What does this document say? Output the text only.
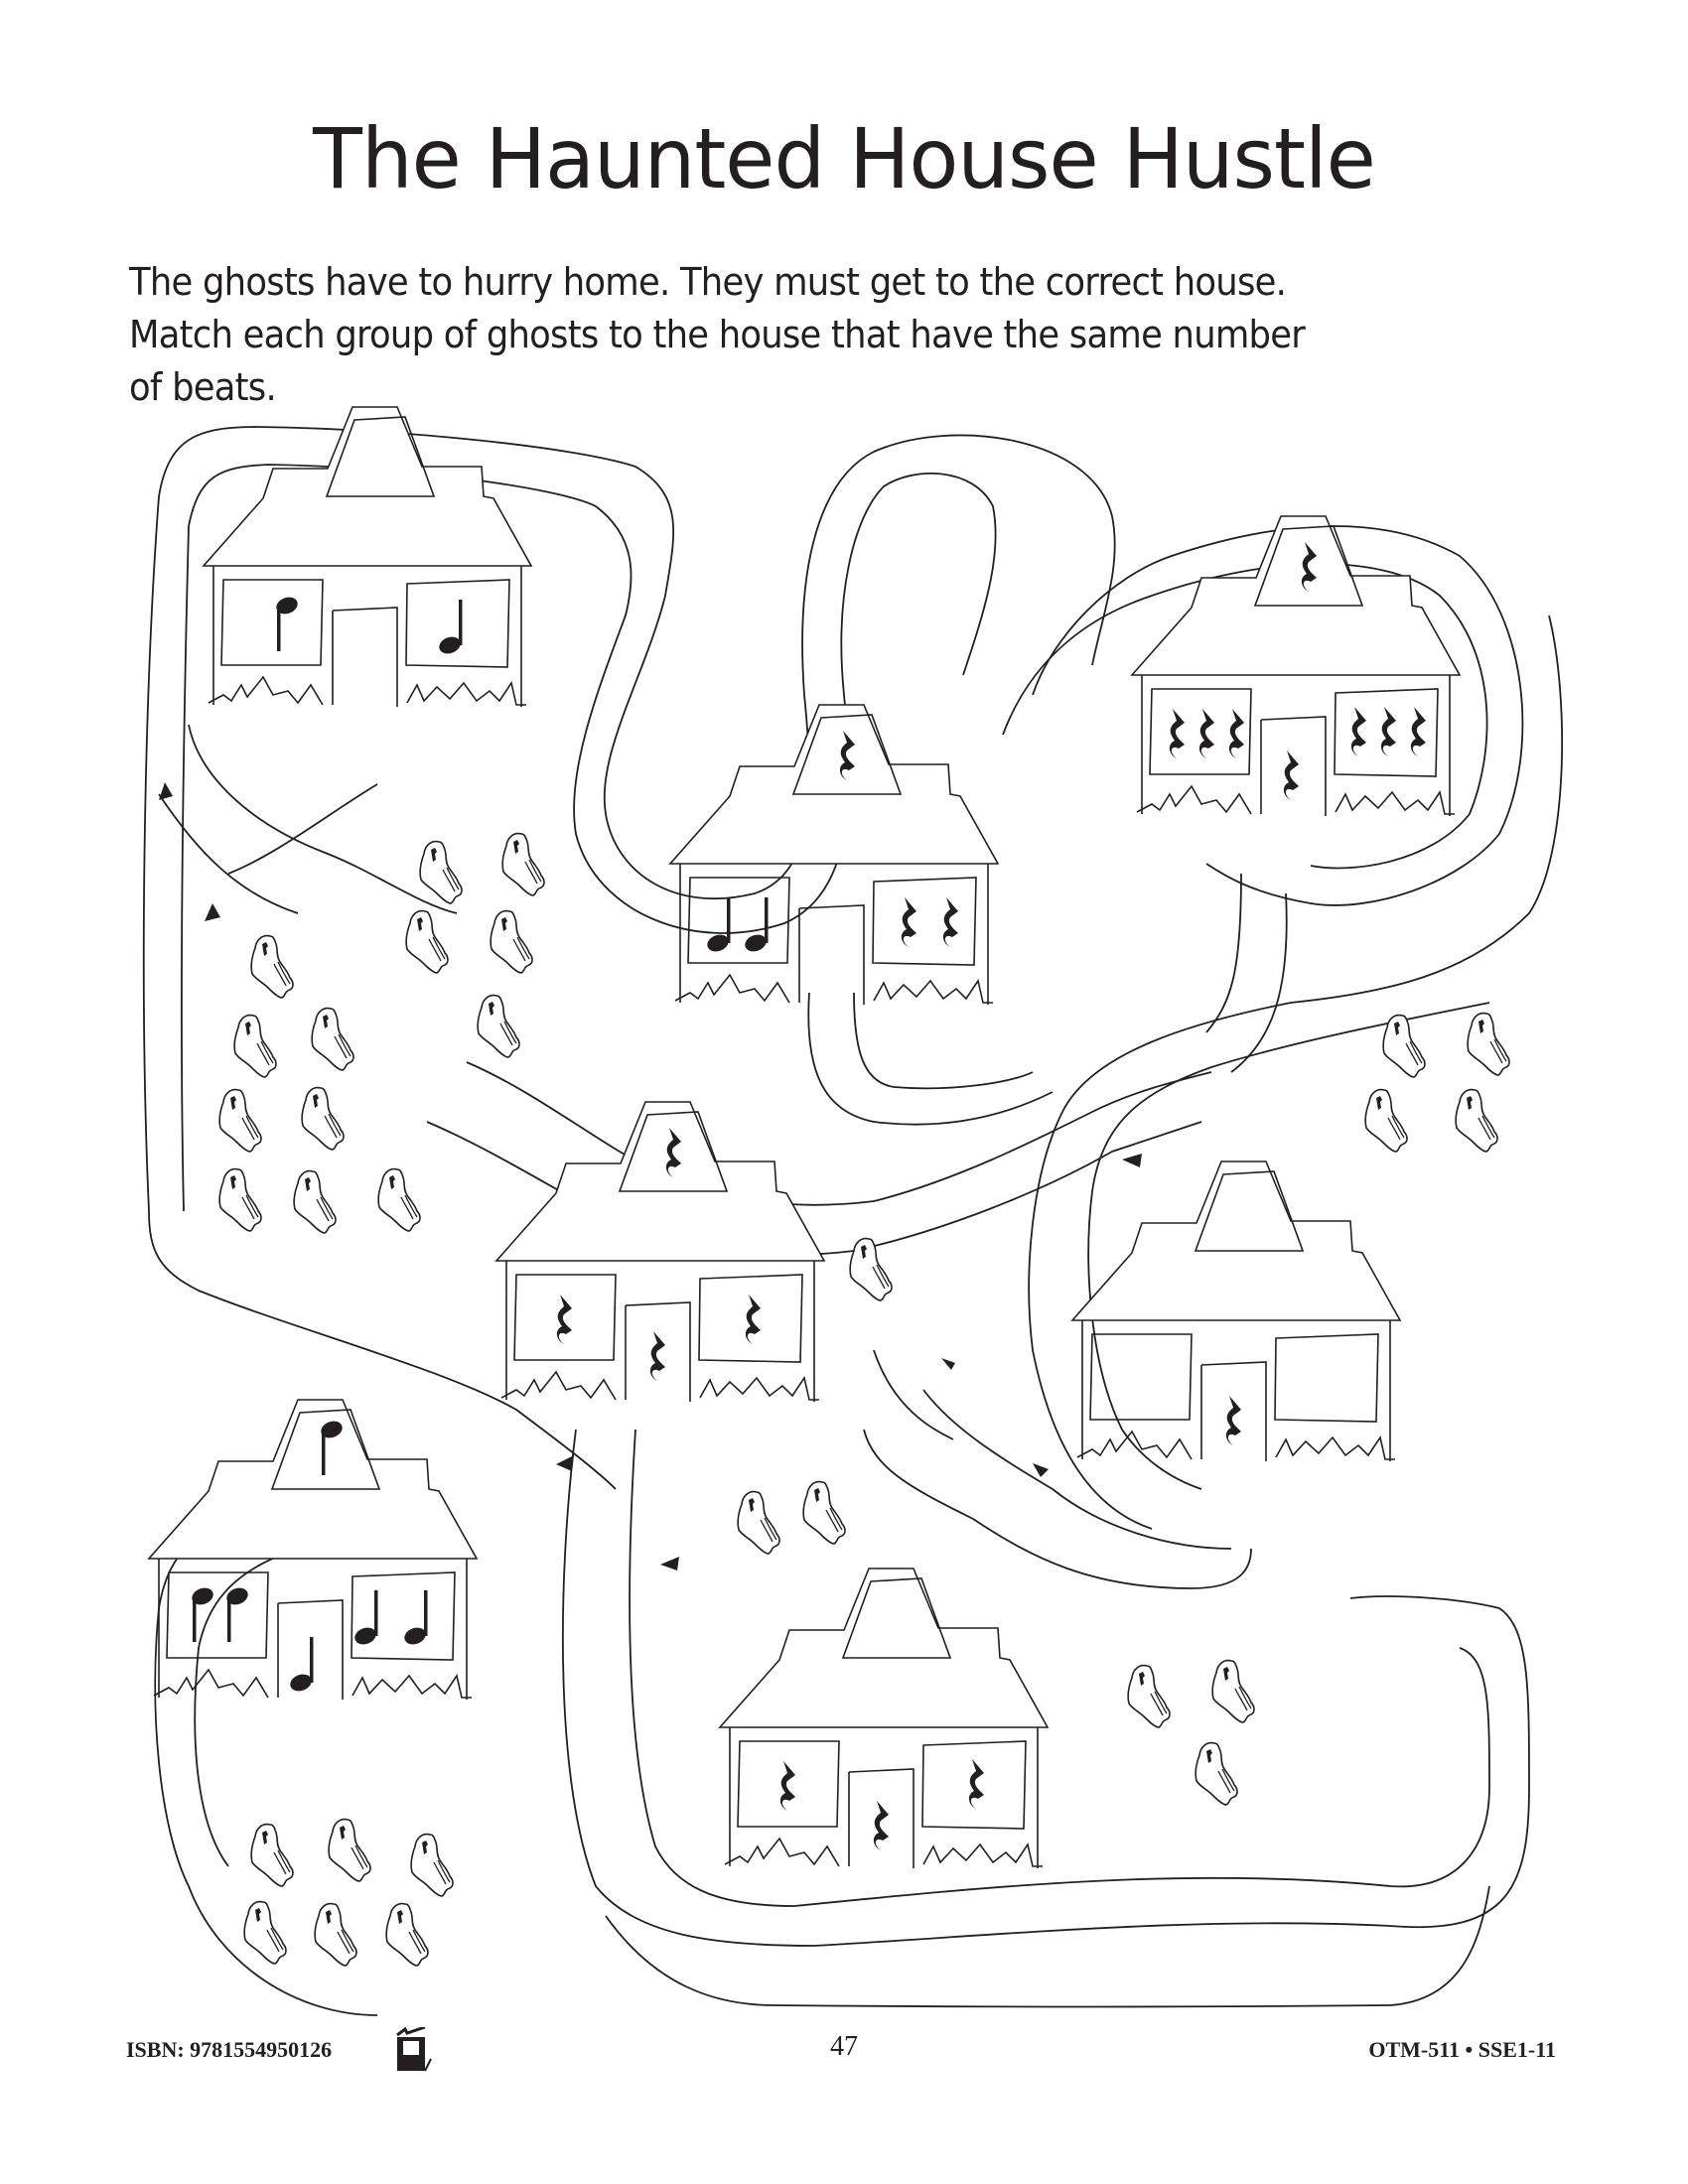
The Haunted House Hustle
The ghosts have to hurry home. They must get to the correct house.
Match each group of ghosts to the house that have the same number
of beats.
ISBN: 9781554950126	47	OTM-511 • SSE1-11
